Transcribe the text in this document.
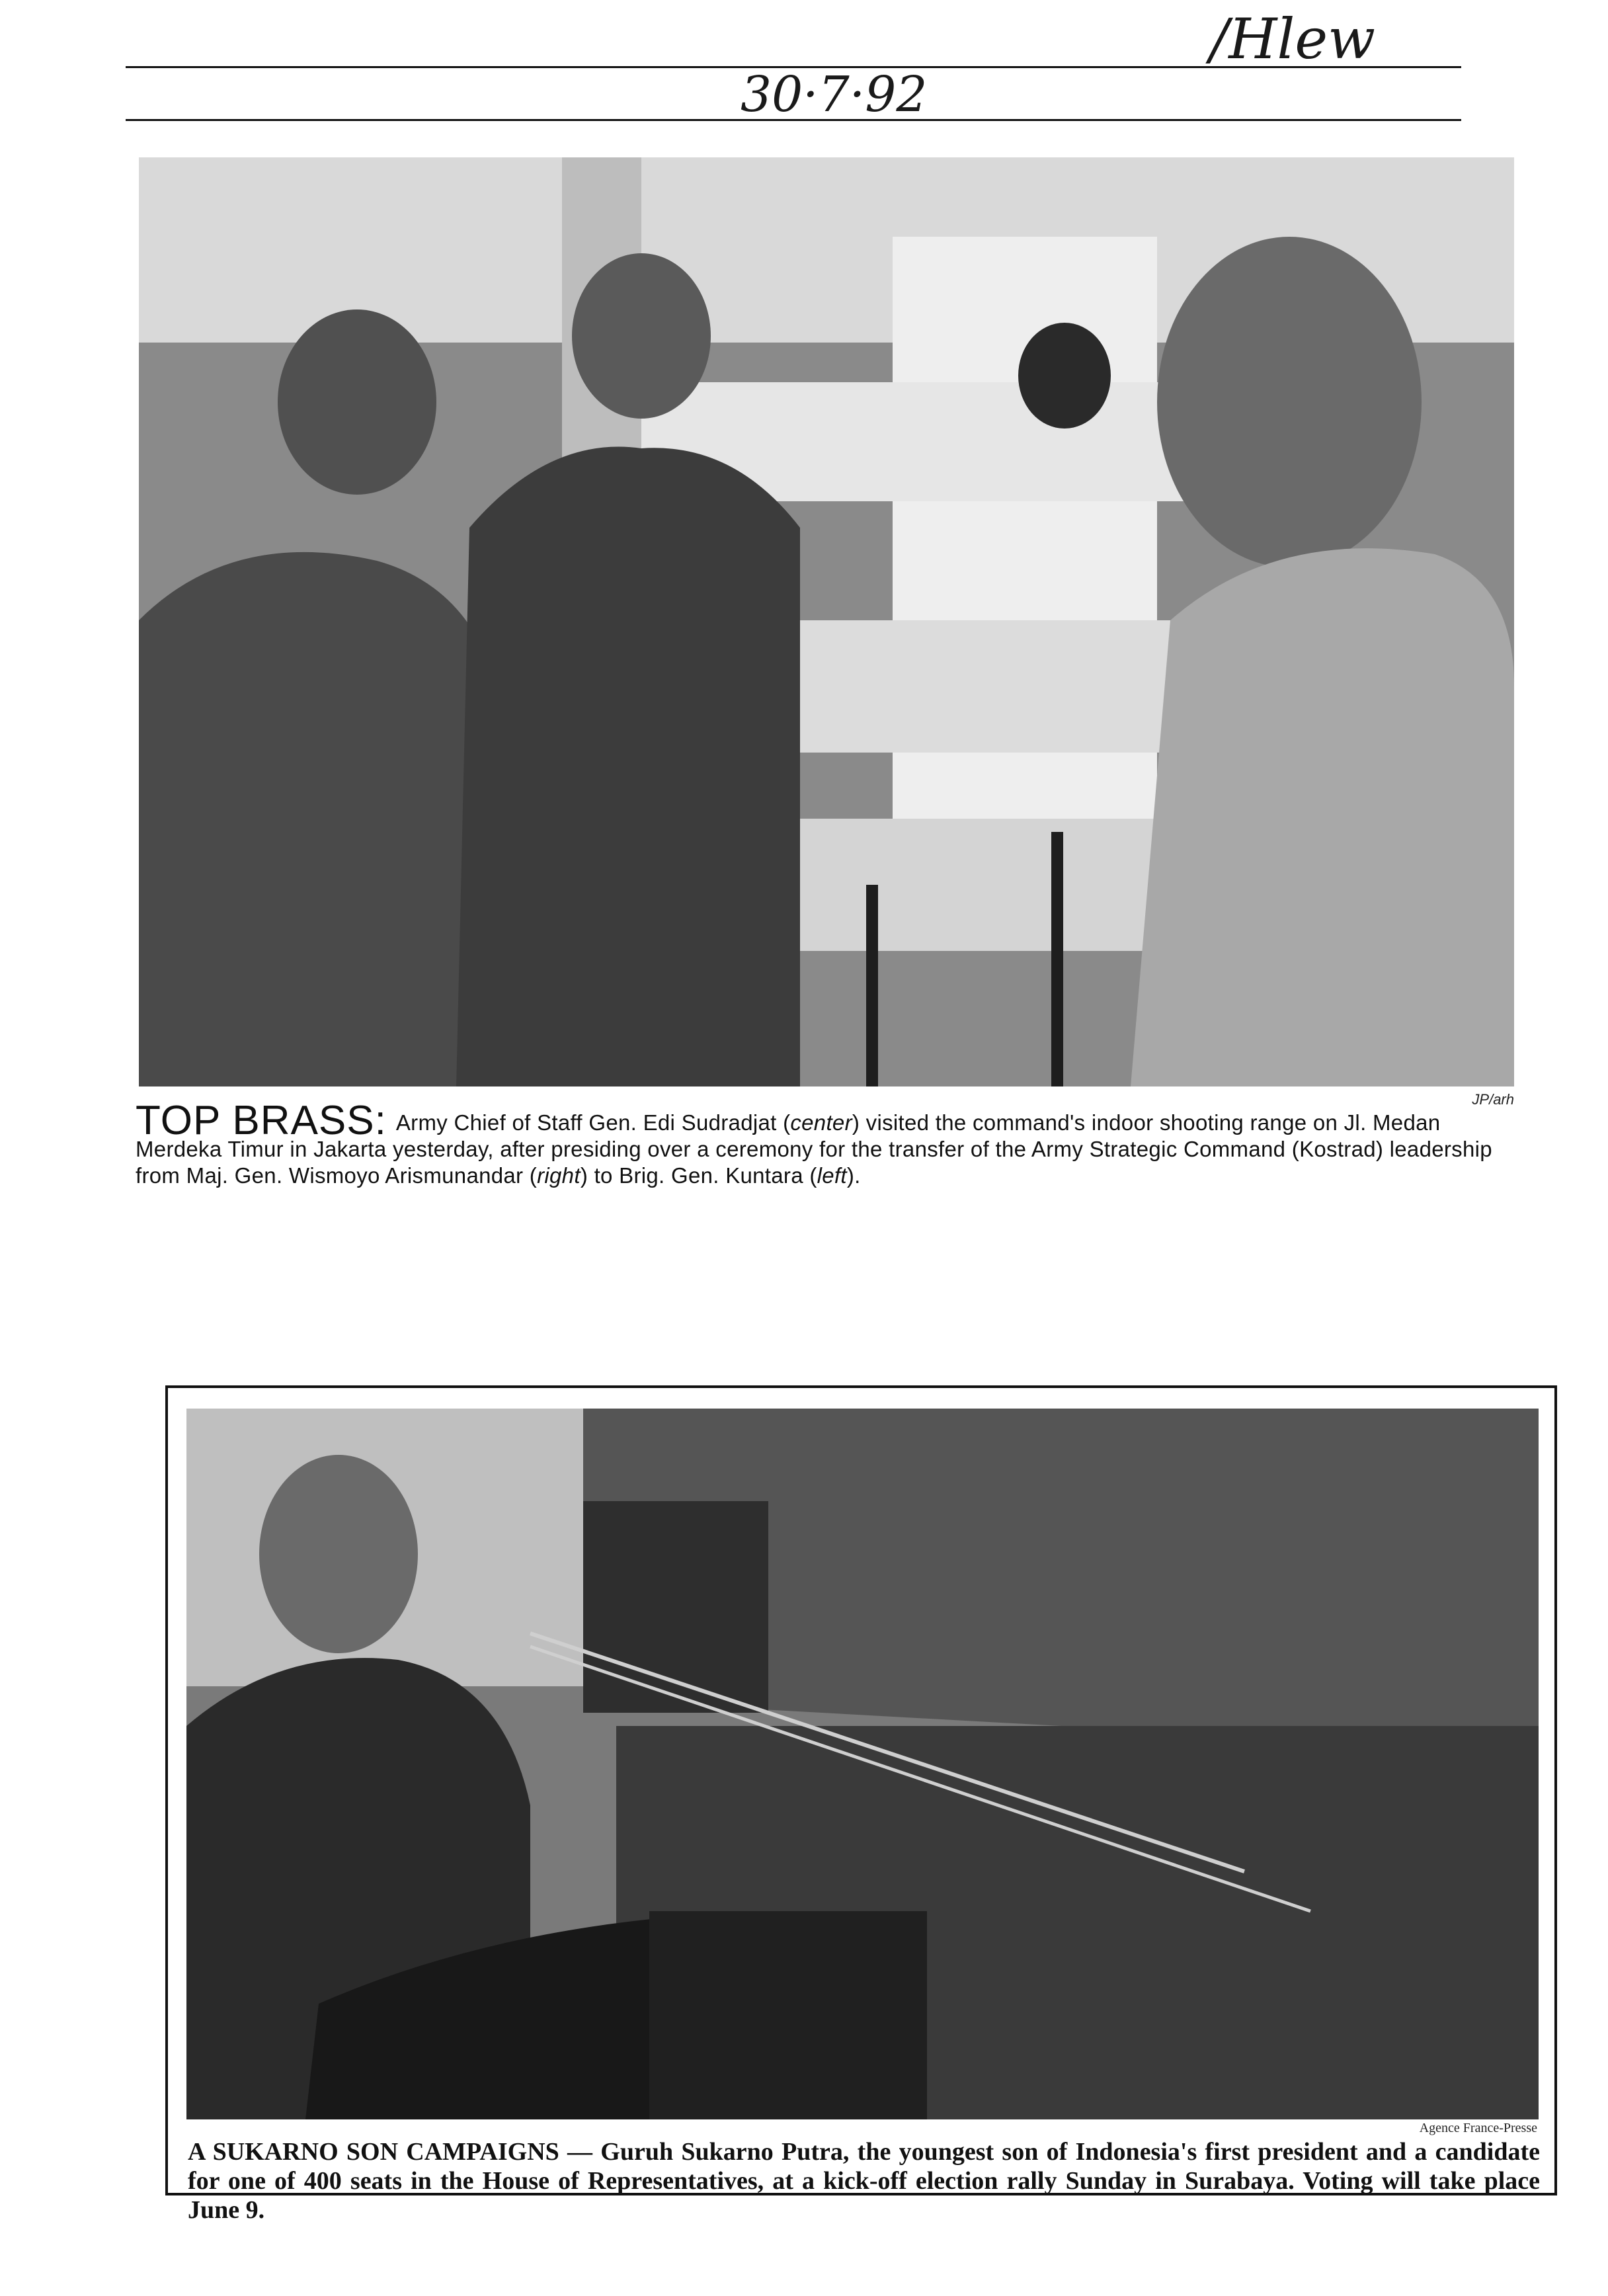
30·7·92
/Hlew
JP/arh
TOP BRASS: Army Chief of Staff Gen. Edi Sudradjat (center) visited the command's indoor shooting range on Jl. Medan Merdeka Timur in Jakarta yesterday, after presiding over a ceremony for the transfer of the Army Strategic Command (Kostrad) leadership from Maj. Gen. Wismoyo Arismunandar (right) to Brig. Gen. Kuntara (left).
Agence France-Presse
A SUKARNO SON CAMPAIGNS — Guruh Sukarno Putra, the youngest son of Indonesia's first president and a candidate for one of 400 seats in the House of Representatives, at a kick-off election rally Sunday in Surabaya. Voting will take place June 9.
